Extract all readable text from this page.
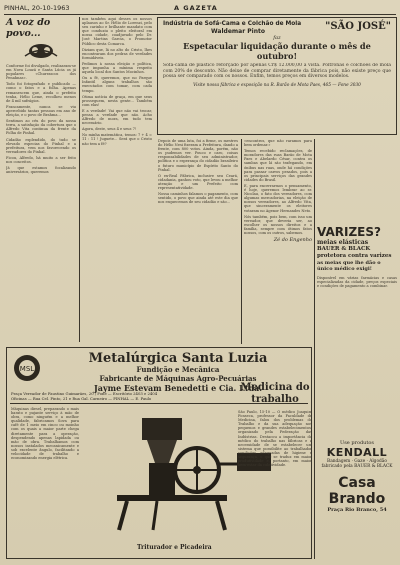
PINHAL, 20-10-1963	A GAZETA
A voz do povo...
Conforme foi divulgado, realizaram-se em Nova Louzã e Santa Lúcia os já populares «Churrascos dos Penahnas».
Todo foi fotografado e publicado — como o fatos e a folha. Apenas remanescem que, ainda o prefeito tenha, Hélio Leme, recolheu menos de 4 mil sufrágios.
Francamente, nunca se viu apercebido tantas pessoas em ano de eleição, e o povo de Brahma...
Sentimos ao céu do povo da nossa terra, a satisfação da cobertura que o Alfredo Vita continua da frente da Folha de Pinhal.
Cidadão esplendido, do tudo se elevado especias do Pinhal e a prefeitura, vem nos favorecendo os vereadores do Pinhal.
Ficou, Alfredo, há muito a ser feito nos conceitos.
Já que estamos focalizando aniversários, queremos
nos também aqui desses os nossos aplausos ao Sr. Hélio de Lorenzi, pelo seu carinho e brilhante mandato com que conduziu o pleito eleitoral em nossa cidade, coadjuvado pelo Dr. José Martins Garcia, o Promotor Público desta Comarca.
Diziam que, lá no alto do Cristo, lhes encontraram dos pedras de verdades formidáveis.
Pedimos à nossa eleição e política, que impunha a mínima respeito aquela local dos Santos Mocinhos.
Ou a fé, queremos, que no Parque Infantil alguns trabalhos são executados com tomar, com cada tempo.
Ótima notícia de graça, em que seus prosseguem, nesta gente... Também com elas!
E a verdade! Vai que não vai trocar, pensa a verdade que não. Acho Alfredo de mora, em tudo tem necessário.
Agora, deste, seus 4 e seus 7!
No minha matemática, temos: 7 + 4 = 11 : 11 ! Juguete... Será que o Cristo não tem a fé?
Indústria de Sofá-Cama e Colchão de Mola
Waldemar Pinto	"SÃO JOSÉ"
faz
Espetacular liquidação durante o mês de outubro!
Sofá-cama de plástico reforçado por apenas Cr$ 12.000,00 à vista. Poltronas e colchões de mola com 20% de desconto. Não deixe de comprar diretamente da fábrica pois, não existe preço que possa ser comparado com os nossos. Enfim, temos preços em diversos modelos.
Visite nossa fábrica e exposição na R. Barão de Mota Paes, 465 — Fone 3030
Depois de uma luta, foi a firme, os mestres do Hélio Nesi fizeram a Prefeitura, dando a frente, com 800 votos. Ainda, porém, não os pudemos ver. Pouco e caro, coisas responsabilidades de seu administrador, política e o esperança do cidadão brasileiro o futuro município de Espírito Santo do Pinhal.
O ex-Real Fábrica, inclusive seu Ceará, cidadania, ganhou voto, que levou a melhor atenção e um Prefeito com representatividade.
Nossa caminhos falamos o pagamento, com sentido, o povo que ainda até este dia que nos esquecemos de seu cidadão e são...
«encontros, que não raramos para bem ordenar.»
Temos recebido reclamações, de moradores das ruas Barão de Mota Paes e Abelardo César, contra os sambas que lá são trafegando, em ónibus nas ruas, onde há condições para passar carros pesados, pois a os principais serviços das grandes cidades do Brasil.
E, para encerrarmos o pensamento, é hoje, queremos lembrar ao sr. Nicolau, o fato dos vereadores, com algumas mercadorias, na eleição de nossos vereadores, ao Alfredo Vita, que sinceramente os eleitores votaram no Agenor Hernandes Neto.
Nós também, pois bem, com isso um vereador, que deveria ser, ao escolher os nossos direitos e a família, sempre com ótimos fatos nossos, com os outros, sabemos.
Zé do Engenho
VARIZES?
meias elásticas
BAUER & BLACK
protetora contra varizes
as meias que lhe dão o único médico exigi!
Disponível em várias farmácias e casas especializadas da cidade, preços especiais e condições de pagamento a combinar.
MSL
Metalúrgica Santa Luzia
Fundição e Mecânica
Fabricante de Máquinas Agro-Pecuárias
Jayme Estevam Benedetti e Cia. Ltda.
Praça Vereador de Faustino Guimarães, 20 / Fone — Escritório 2403 e 2404
Oficinas — Rua Cel. Pinto, 21 e Rua Gal. Carneiro — PINHAL — E. Paulo
Máquinas diesel, preparando o mais barato e pujante serviço à mão de obra, como ninguém e a melhor qualidade, fabricamos Sova para café de 1 meio em cinco ou moinho com os quais a maior parte chega diretamente para a operação, despendendo apenas lapidada ou mão de obra. Trabalhamos com nossos instalados mecanicamente e sob excelente ângulo, facilitando a velocidade de trabalho e economizando energia elétrica.
Triturador e Picadeira
Medicina do trabalho
São Paulo, 15-10 — O médico Joaquim Fonseca, professor da Faculdade de Medicina, falou dos problemas do Trabalho e da sua adequação nos pequenos e grandes estabelecimentos, organizado pela Federação das Indústrias. Destacou a importância do médico do trabalho nas fábricas e a necessidade de se estabelecer um sistema que possibilite ao trabalhador condições adequadas de higiene e segurança, o que se traduz em maior produtividade e, portanto, em maior bem-estar da coletividade.
Use produtos
KENDALL
Bandagem · Gaze · Algodão
fabricado pela BAUER & BLACK
Casa Brando
Praça Rio Branco, 54
